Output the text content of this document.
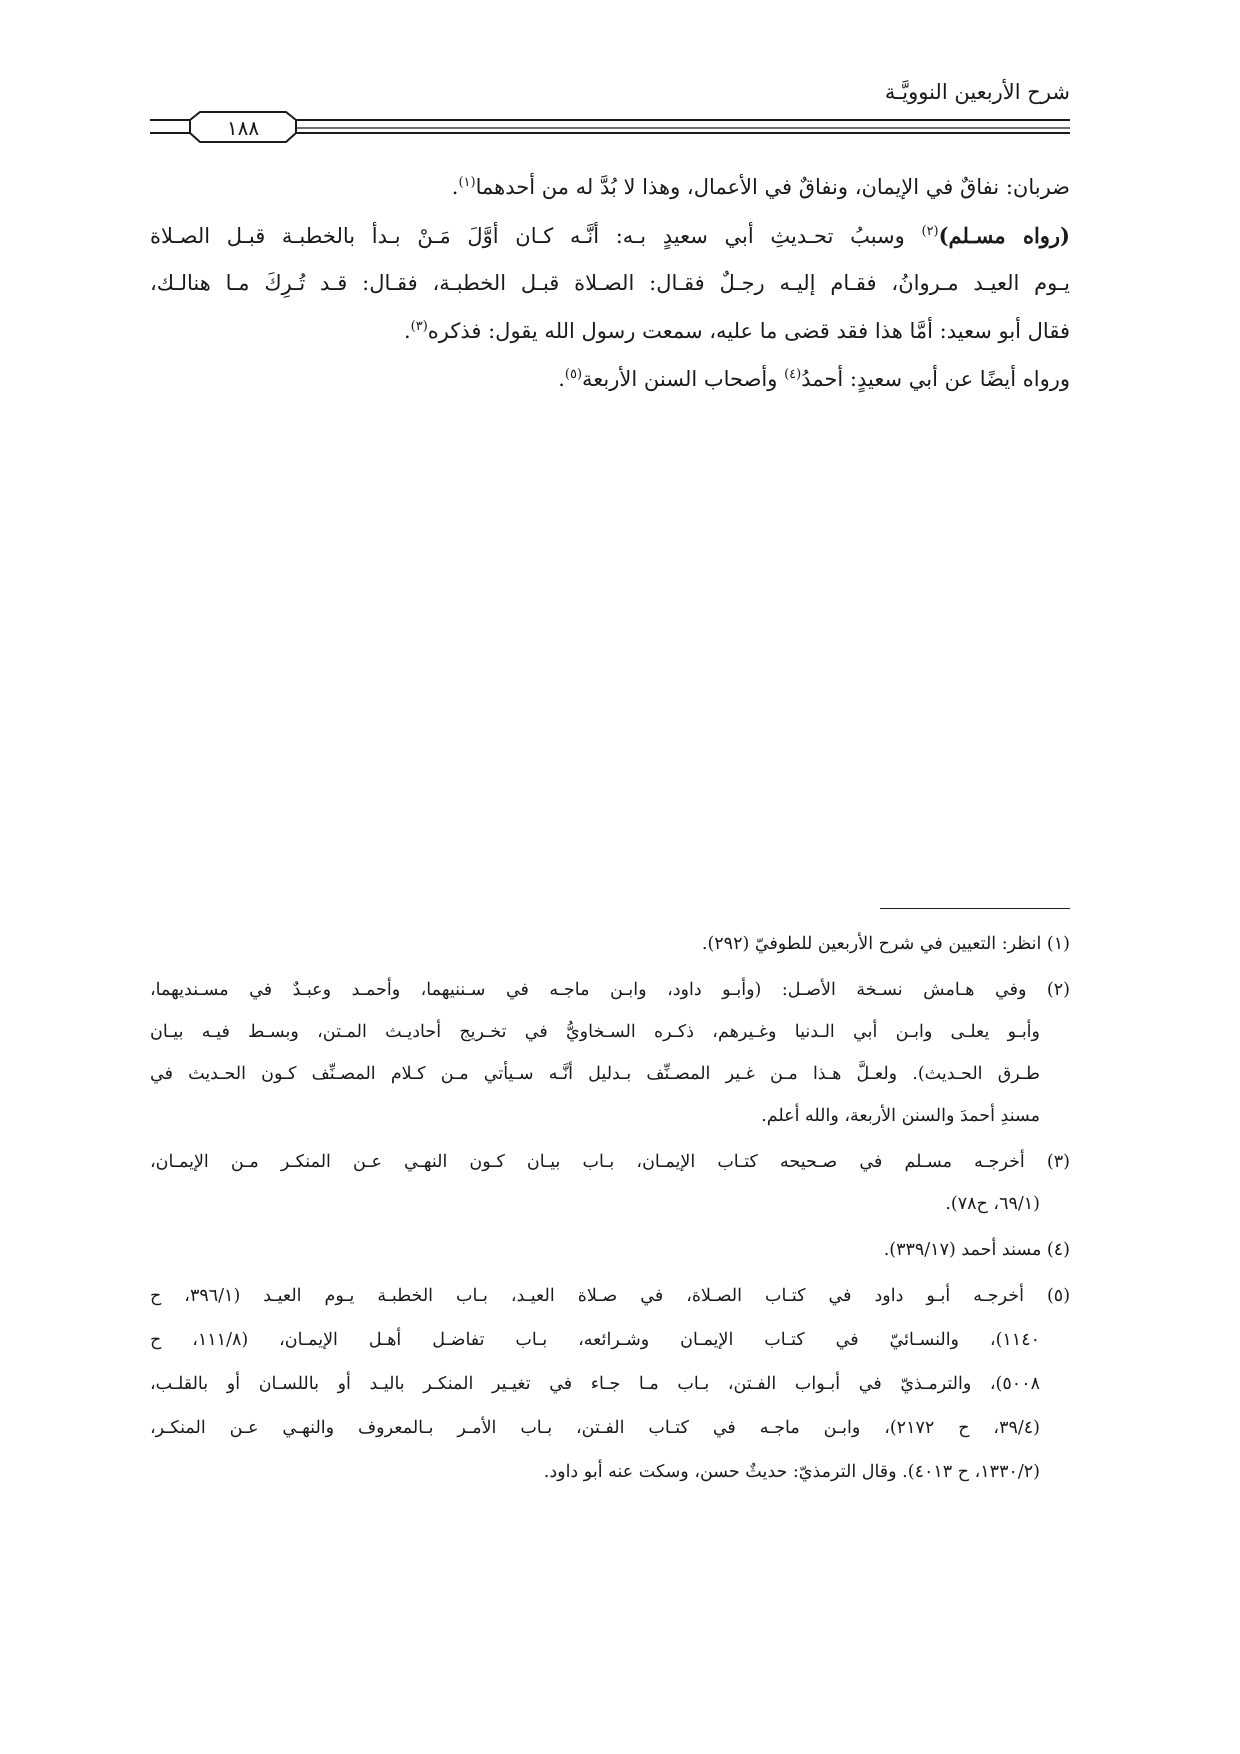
شرح الأربعين النوويَّـة
١٨٨
ضربان: نفاقٌ في الإيمان، ونفاقٌ في الأعمال، وهذا لا بُدَّ له من أحدهما$^{(١)}$.
(رواه مسـلم)$^{(٢)}$ وسببُ تحـديثِ أبي سعيدٍ بـه: أنَّـه كـان أوَّلَ مَـنْ بـدأ بالخطبـة قبـل الصـلاة
يـوم العيـد مـروانُ، فقـام إليـه رجـلٌ فقـال: الصـلاة قبـل الخطبـة، فقـال: قـد تُـرِكَ مـا هنالـك،
فقال أبو سعيد: أمَّا هذا فقد قضى ما عليه، سمعت رسول الله يقول: فذكره$^{(٣)}$.
ورواه أيضًا عن أبي سعيدٍ: أحمدُ$^{(٤)}$ وأصحاب السنن الأربعة$^{(٥)}$.
(١) انظر: التعيين في شرح الأربعين للطوفيّ (٢٩٢).
(٢) وفي هـامش نسـخة الأصـل: (وأبـو داود، وابـن ماجـه في سـننيهما، وأحمـد وعبـدٌ في مسـنديهما،
وأبـو يعلـى وابـن أبي الـدنيا وغـيرهم، ذكـره السـخاويُّ في تخـريج أحاديـث المـتن، وبسـط فيـه بيـان
طـرق الحـديث). ولعـلَّ هـذا مـن غـير المصـنِّف بـدليل أنَّـه سـيأتي مـن كـلام المصـنِّف كـون الحـديث في
مسندِ أحمدَ والسنن الأربعة، والله أعلم.
(٣) أخرجـه مسـلم في صـحيحه كتـاب الإيمـان، بـاب بيـان كـون النهـي عـن المنكـر مـن الإيمـان،
(٦٩/١، ح٧٨).
(٤) مسند أحمد (٣٣٩/١٧).
(٥) أخرجـه أبـو داود في كتـاب الصـلاة، في صـلاة العيـد، بـاب الخطبـة يـوم العيـد (٣٩٦/١، ح
١١٤٠)، والنسـائيّ في كتـاب الإيمـان وشـرائعه، بـاب تفاضـل أهـل الإيمـان، (١١١/٨، ح
٥٠٠٨)، والترمـذيّ في أبـواب الفـتن، بـاب مـا جـاء في تغيـير المنكـر باليـد أو باللسـان أو بالقلـب،
(٣٩/٤، ح ٢١٧٢)، وابـن ماجـه في كتـاب الفـتن، بـاب الأمـر بـالمعروف والنهـي عـن المنكـر،
(١٣٣٠/٢، ح ٤٠١٣). وقال الترمذيّ: حديثٌ حسن، وسكت عنه أبو داود.
